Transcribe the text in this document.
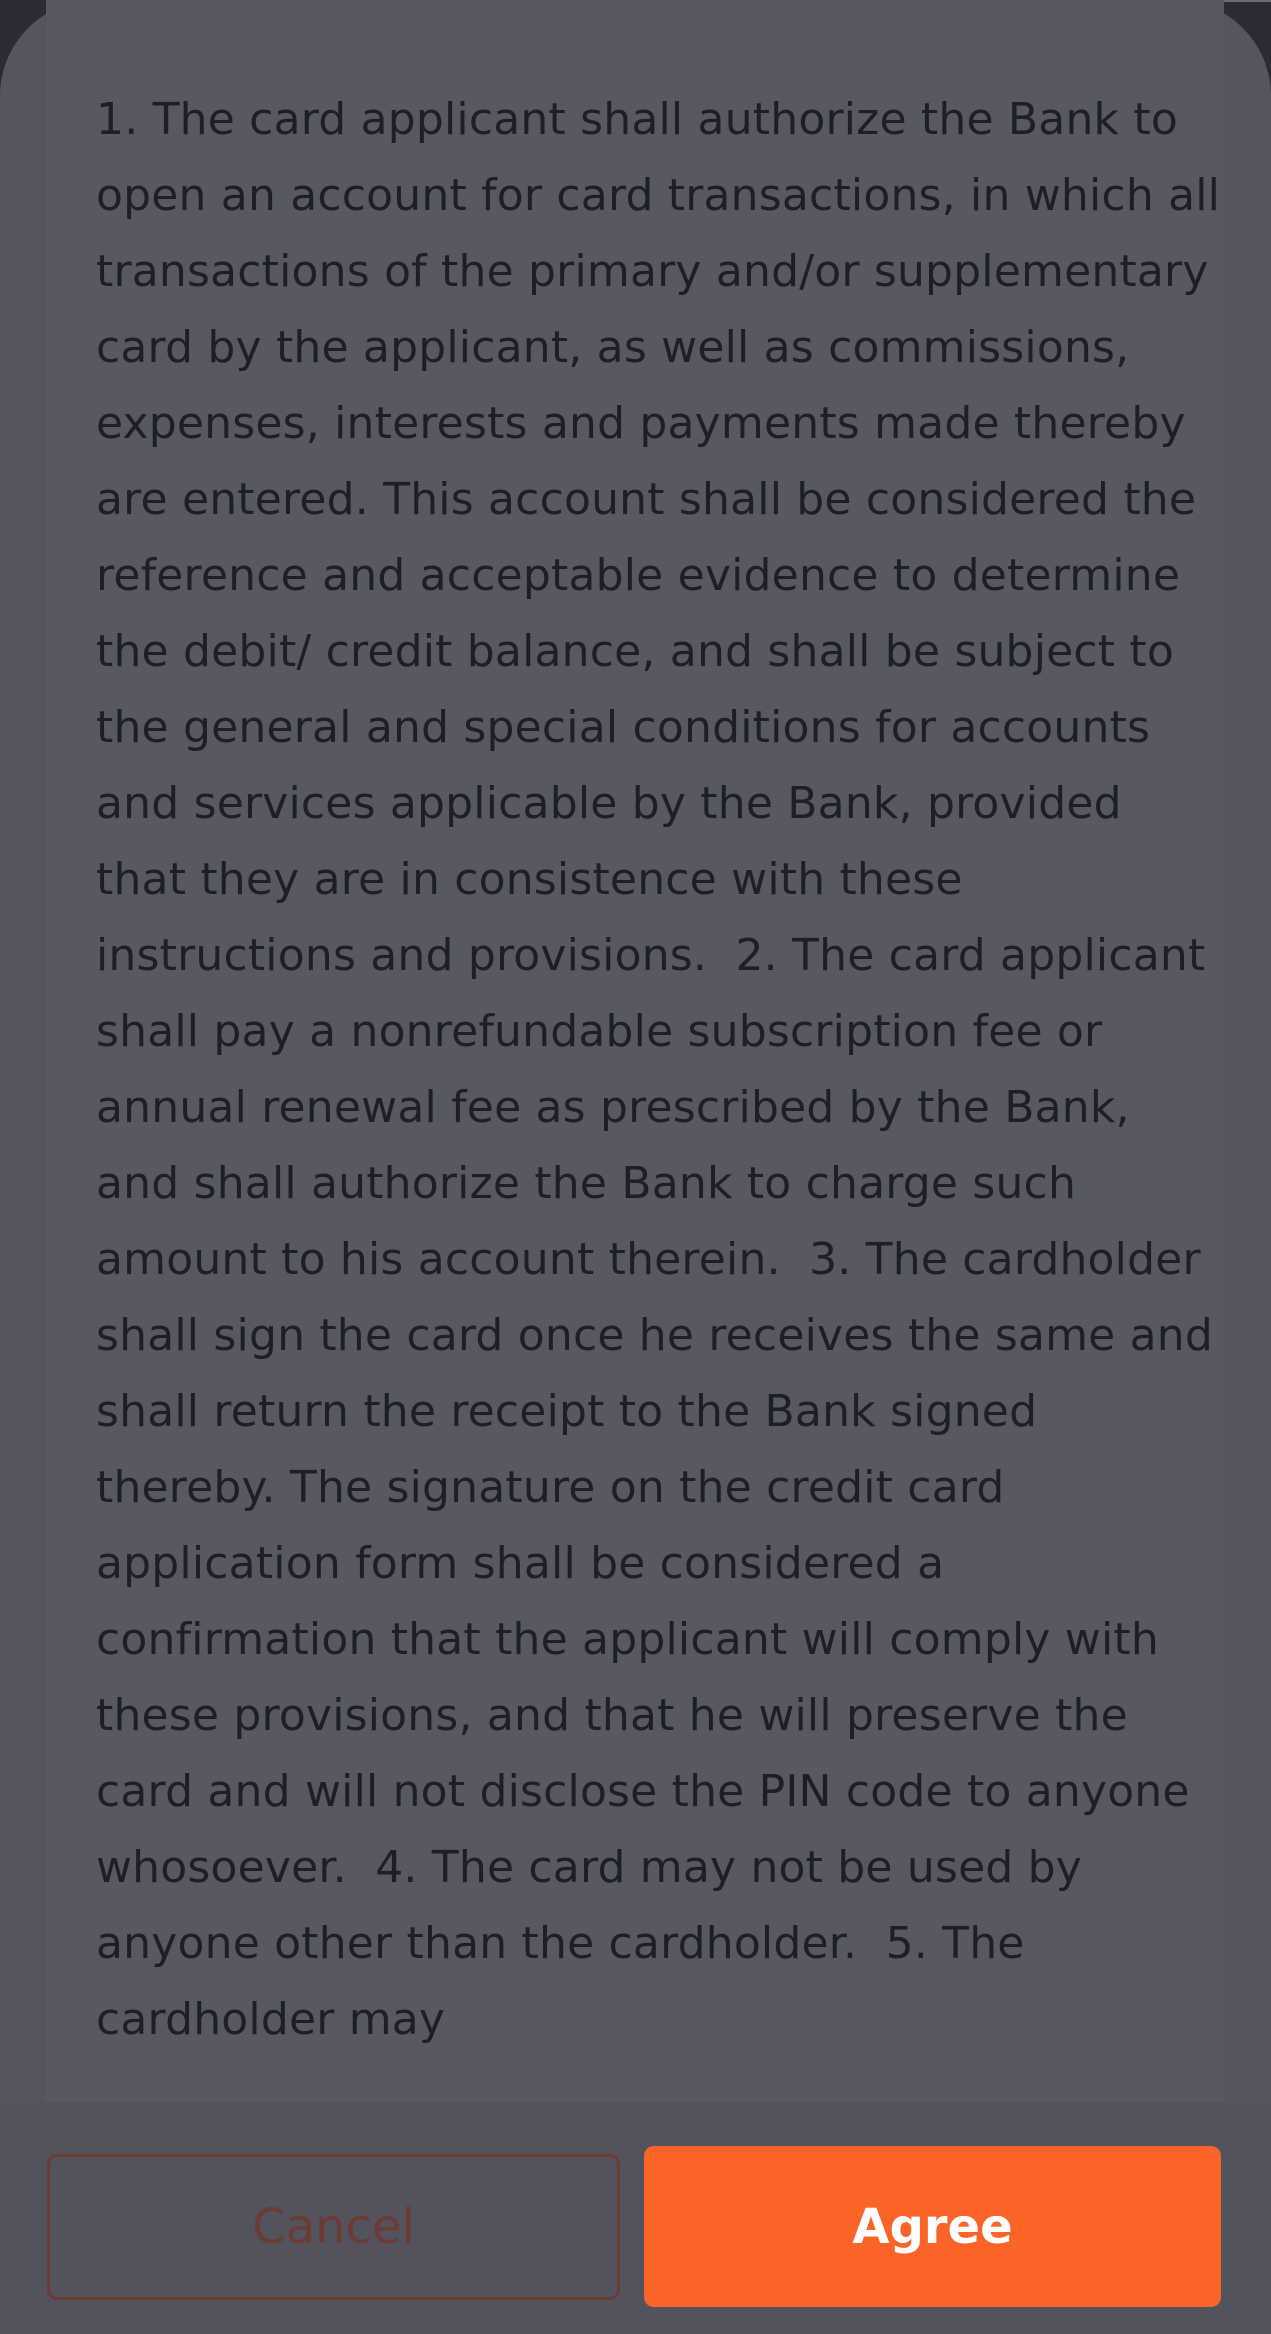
1. The card applicant shall authorize the Bank to open an account for card transactions, in which all transactions of the primary and/or supplementary card by the applicant, as well as commissions, expenses, interests and payments made thereby are entered. This account shall be considered the reference and acceptable evidence to determine the debit/ credit balance, and shall be subject to the general and special conditions for accounts and services applicable by the Bank, provided that they are in consistence with these instructions and provisions.  2. The card applicant shall pay a nonrefundable subscription fee or annual renewal fee as prescribed by the Bank, and shall authorize the Bank to charge such amount to his account therein.  3. The cardholder shall sign the card once he receives the same and shall return the receipt to the Bank signed thereby. The signature on the credit card application form shall be considered a confirmation that the applicant will comply with these provisions, and that he will preserve the card and will not disclose the PIN code to anyone whosoever.  4. The card may not be used by anyone other than the cardholder.  5. The cardholder may

Cancel	Agree
